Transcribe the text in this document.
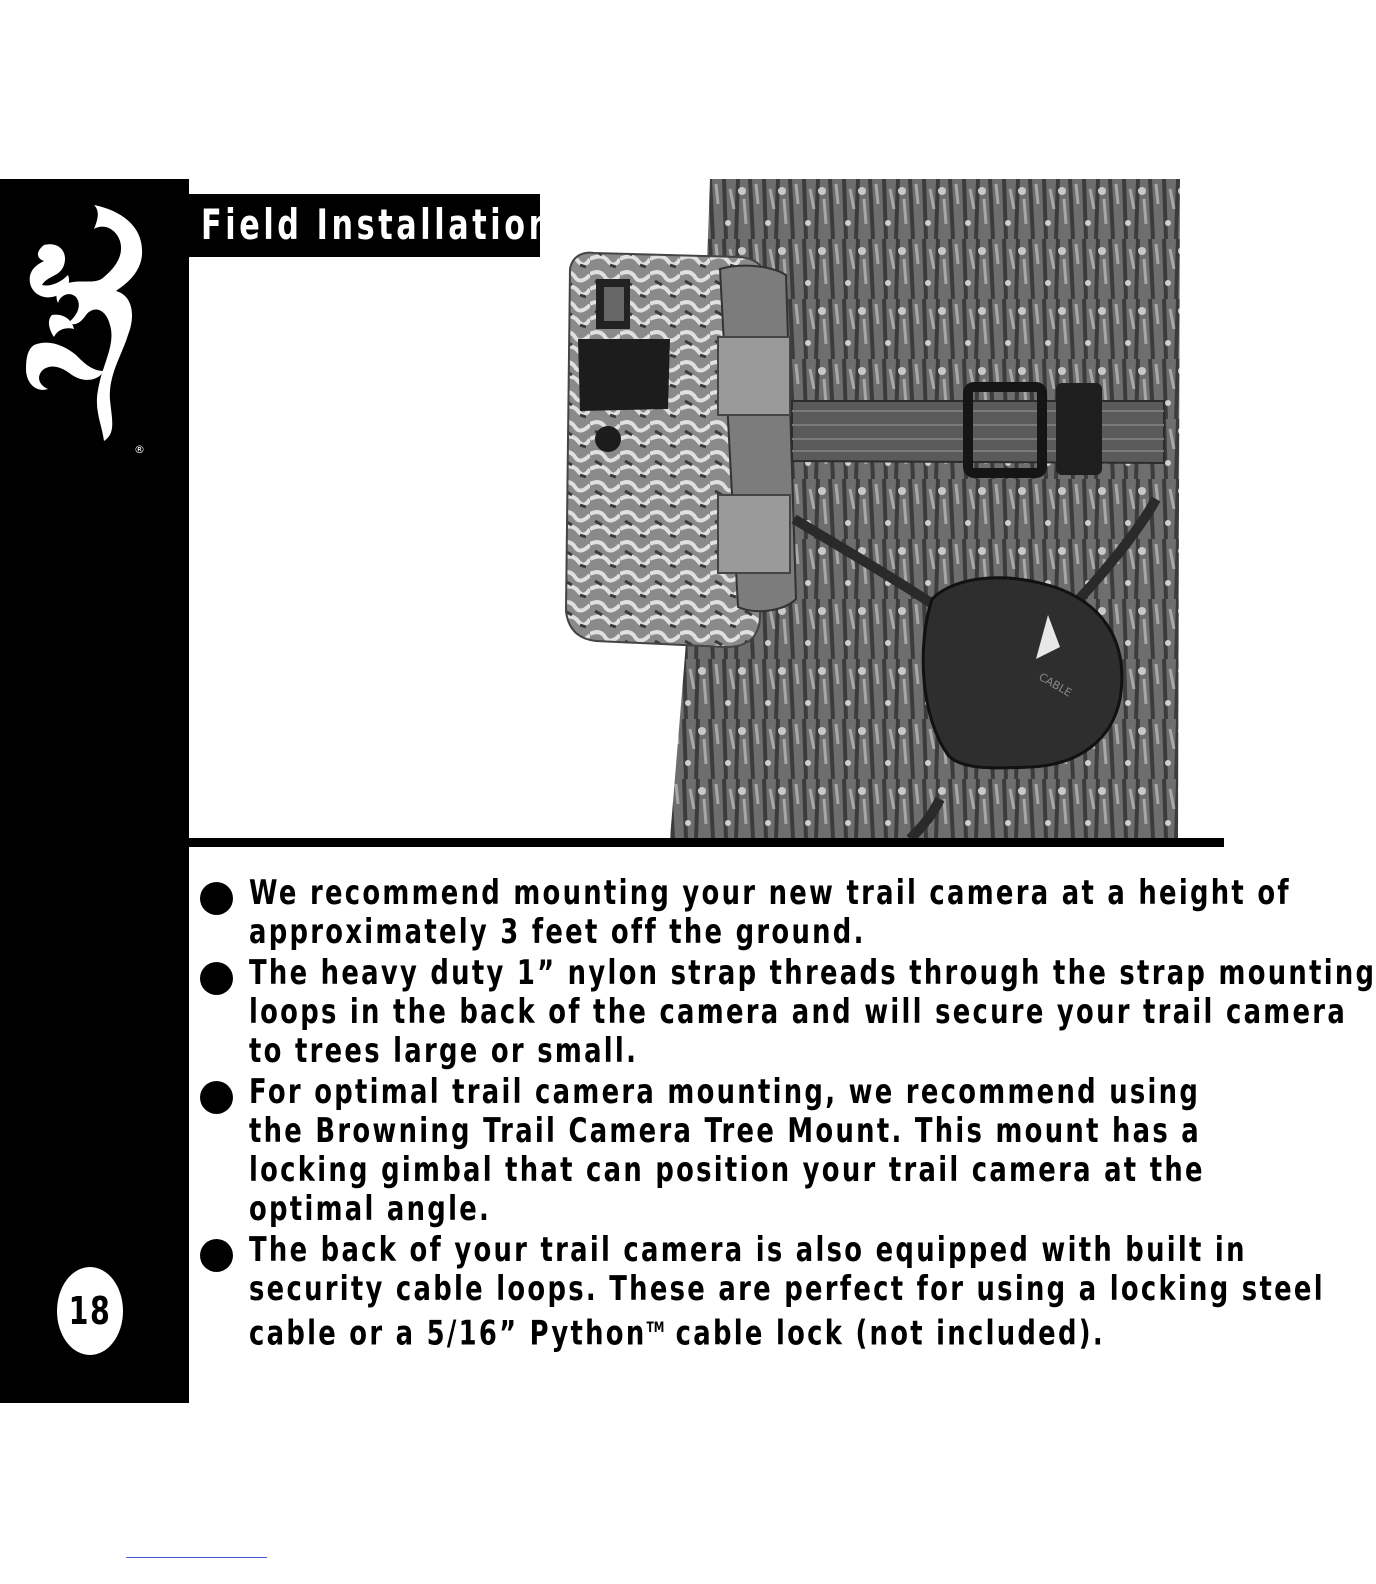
®
18
Field Installation
CABLE
We recommend mounting your new trail camera at a height of
approximately 3 feet off the ground.
The heavy duty 1” nylon strap threads through the strap mounting
loops in the back of the camera and will secure your trail camera
to trees large or small.
For optimal trail camera mounting, we recommend using
the Browning Trail Camera Tree Mount. This mount has a
locking gimbal that can position your trail camera at the
optimal angle.
The back of your trail camera is also equipped with built in
security cable loops. These are perfect for using a locking steel
cable or a 5/16” Python™ cable lock (not included).
